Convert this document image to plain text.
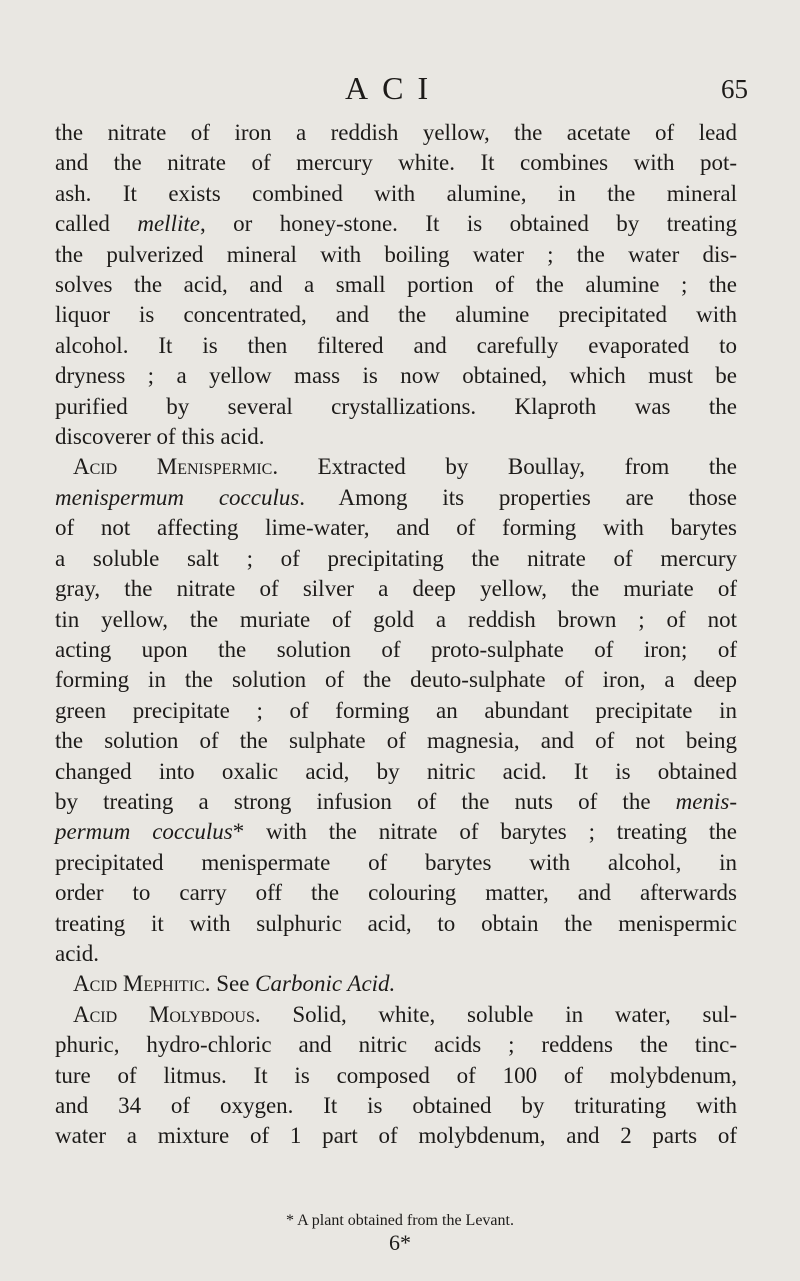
ACI	65

the nitrate of iron a reddish yellow, the acetate of lead
and the nitrate of mercury white. It combines with pot-
ash. It exists combined with alumine, in the mineral
called mellite, or honey-stone. It is obtained by treating
the pulverized mineral with boiling water ; the water dis-
solves the acid, and a small portion of the alumine ; the
liquor is concentrated, and the alumine precipitated with
alcohol. It is then filtered and carefully evaporated to
dryness ; a yellow mass is now obtained, which must be
purified by several crystallizations. Klaproth was the
discoverer of this acid.

Acid Menispermic. Extracted by Boullay, from the
menispermum cocculus. Among its properties are those
of not affecting lime-water, and of forming with barytes
a soluble salt ; of precipitating the nitrate of mercury
gray, the nitrate of silver a deep yellow, the muriate of
tin yellow, the muriate of gold a reddish brown ; of not
acting upon the solution of proto-sulphate of iron; of
forming in the solution of the deuto-sulphate of iron, a deep
green precipitate ; of forming an abundant precipitate in
the solution of the sulphate of magnesia, and of not being
changed into oxalic acid, by nitric acid. It is obtained
by treating a strong infusion of the nuts of the menis-
permum cocculus* with the nitrate of barytes ; treating the
precipitated menispermate of barytes with alcohol, in
order to carry off the colouring matter, and afterwards
treating it with sulphuric acid, to obtain the menispermic
acid.

Acid Mephitic. See Carbonic Acid.

Acid Molybdous. Solid, white, soluble in water, sul-
phuric, hydro-chloric and nitric acids ; reddens the tinc-
ture of litmus. It is composed of 100 of molybdenum,
and 34 of oxygen. It is obtained by triturating with
water a mixture of 1 part of molybdenum, and 2 parts of

* A plant obtained from the Levant.
6*
